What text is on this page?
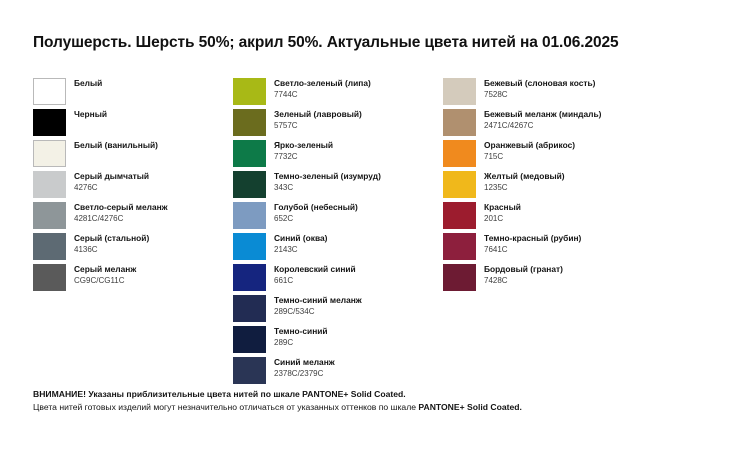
Полушерсть. Шерсть 50%; акрил 50%. Актуальные цвета нитей на 01.06.2025
Белый
Черный
Белый (ванильный)
Серый дымчатый
4276C
Светло-серый меланж
4281C/4276C
Серый (стальной)
4136C
Серый меланж
CG9C/CG11C
Светло-зеленый (липа)
7744C
Зеленый (лавровый)
5757C
Ярко-зеленый
7732C
Темно-зеленый (изумруд)
343C
Голубой (небесный)
652C
Синий (оква)
2143C
Королевский синий
661C
Темно-синий меланж
289C/534C
Темно-синий
289C
Синий меланж
2378C/2379C
Бежевый (слоновая кость)
7528C
Бежевый меланж (миндаль)
2471C/4267C
Оранжевый (абрикос)
715C
Желтый (медовый)
1235C
Красный
201C
Темно-красный (рубин)
7641C
Бордовый (гранат)
7428C
ВНИМАНИЕ! Указаны приблизительные цвета нитей по шкале PANTONE+ Solid Coated.
Цвета нитей готовых изделий могут незначительно отличаться от указанных оттенков по шкале PANTONE+ Solid Coated.
